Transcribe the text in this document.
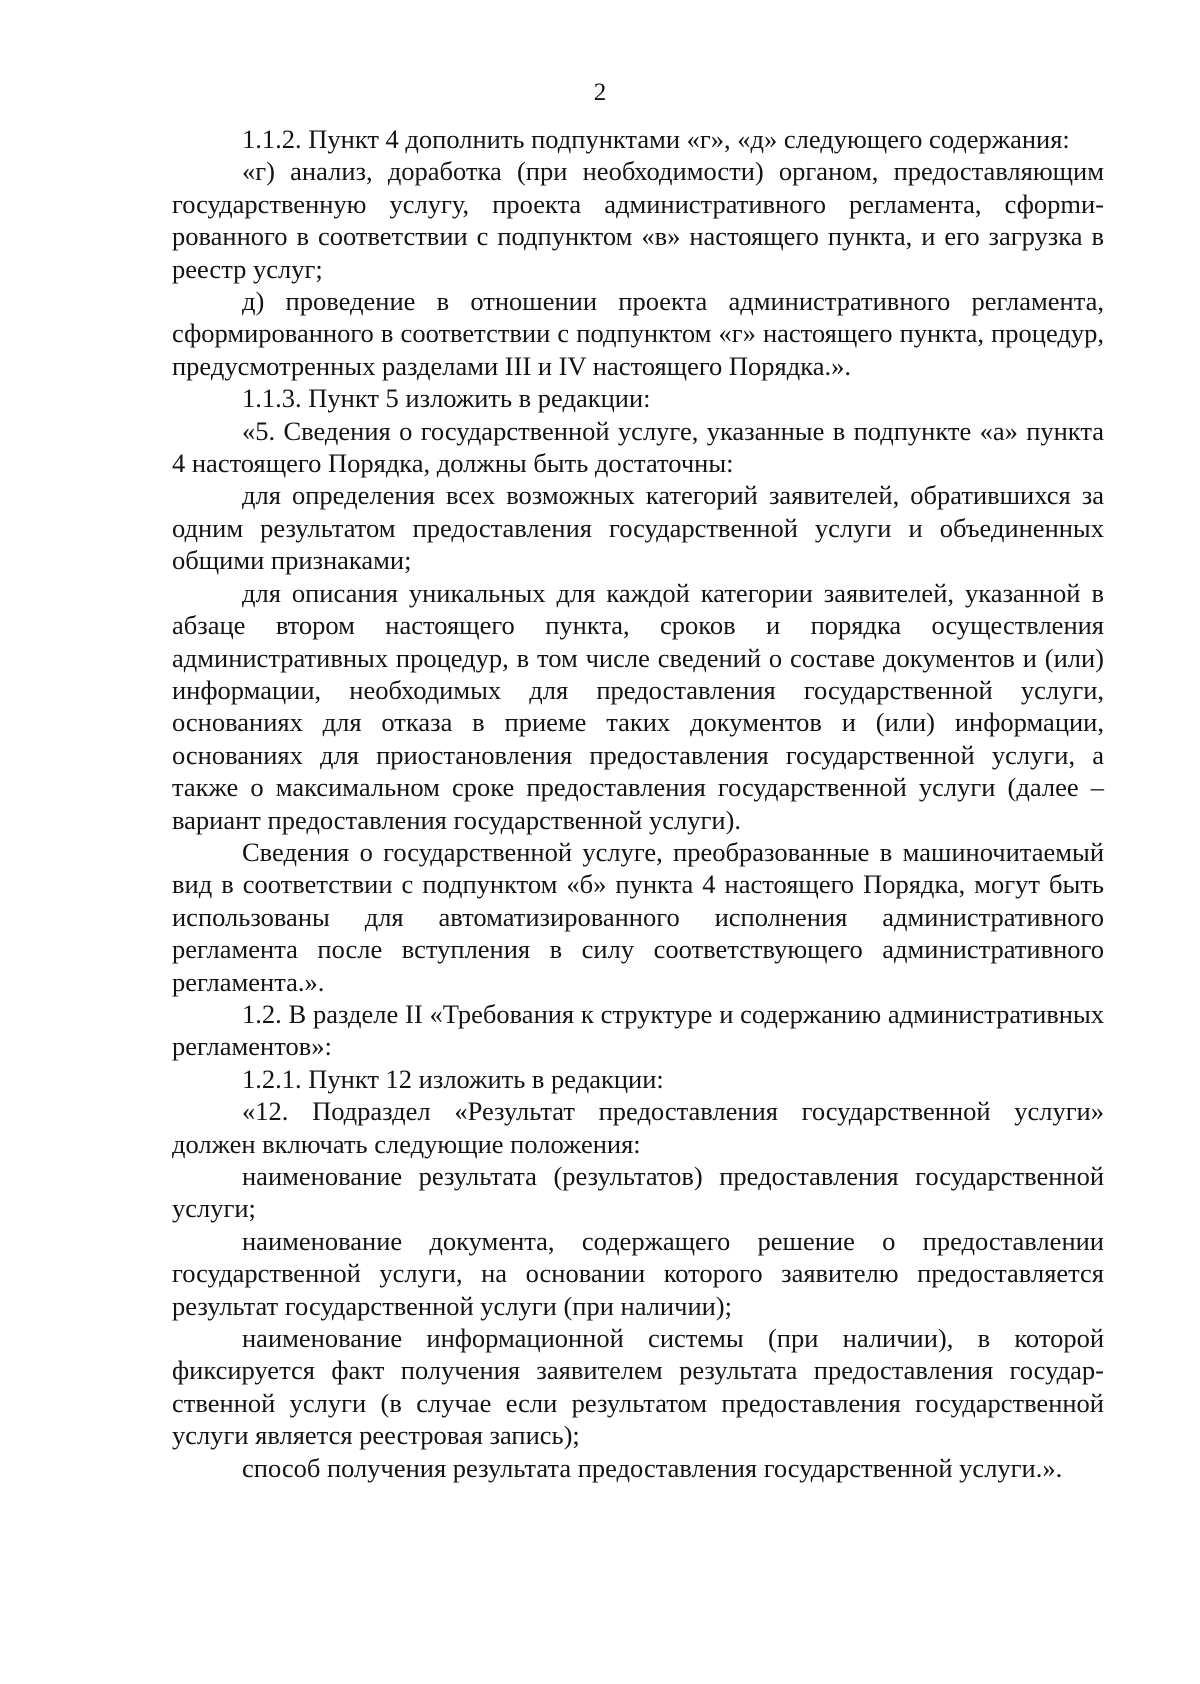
2

1.1.2. Пункт 4 дополнить подпунктами «г», «д» следующего содержания:

«г) анализ, доработка (при необходимости) органом, предоставляющим государственную услугу, проекта административного регламента, сфорmированного в соответствии с подпунктом «в» настоящего пункта, и его загрузка в реестр услуг;

д) проведение в отношении проекта административного регламента, сформированного в соответствии с подпунктом «г» настоящего пункта, процедур, предусмотренных разделами III и IV настоящего Порядка.».

1.1.3. Пункт 5 изложить в редакции:

«5. Сведения о государственной услуге, указанные в подпункте «а» пункта 4 настоящего Порядка, должны быть достаточны:

для определения всех возможных категорий заявителей, обратившихся за одним результатом предоставления государственной услуги и объединенных общими признаками;

для описания уникальных для каждой категории заявителей, указанной в абзаце втором настоящего пункта, сроков и порядка осуществления административных процедур, в том числе сведений о составе документов и (или) информации, необходимых для предоставления государственной услуги, основаниях для отказа в приеме таких документов и (или) информации, основаниях для приостановления предоставления государственной услуги, а также о максимальном сроке предоставления государственной услуги (далее – вариант предоставления государственной услуги).

Сведения о государственной услуге, преобразованные в машиночитаемый вид в соответствии с подпунктом «б» пункта 4 настоящего Порядка, могут быть использованы для автоматизированного исполнения административного регламента после вступления в силу соответствующего административного регламента.».

1.2. В разделе II «Требования к структуре и содержанию административных регламентов»:

1.2.1. Пункт 12 изложить в редакции:

«12. Подраздел «Результат предоставления государственной услуги» должен включать следующие положения:

наименование результата (результатов) предоставления государственной услуги;

наименование документа, содержащего решение о предоставлении государственной услуги, на основании которого заявителю предоставляется результат государственной услуги (при наличии);

наименование информационной системы (при наличии), в которой фиксируется факт получения заявителем результата предоставления государственной услуги (в случае если результатом предоставления государственной услуги является реестровая запись);

способ получения результата предоставления государственной услуги.».
